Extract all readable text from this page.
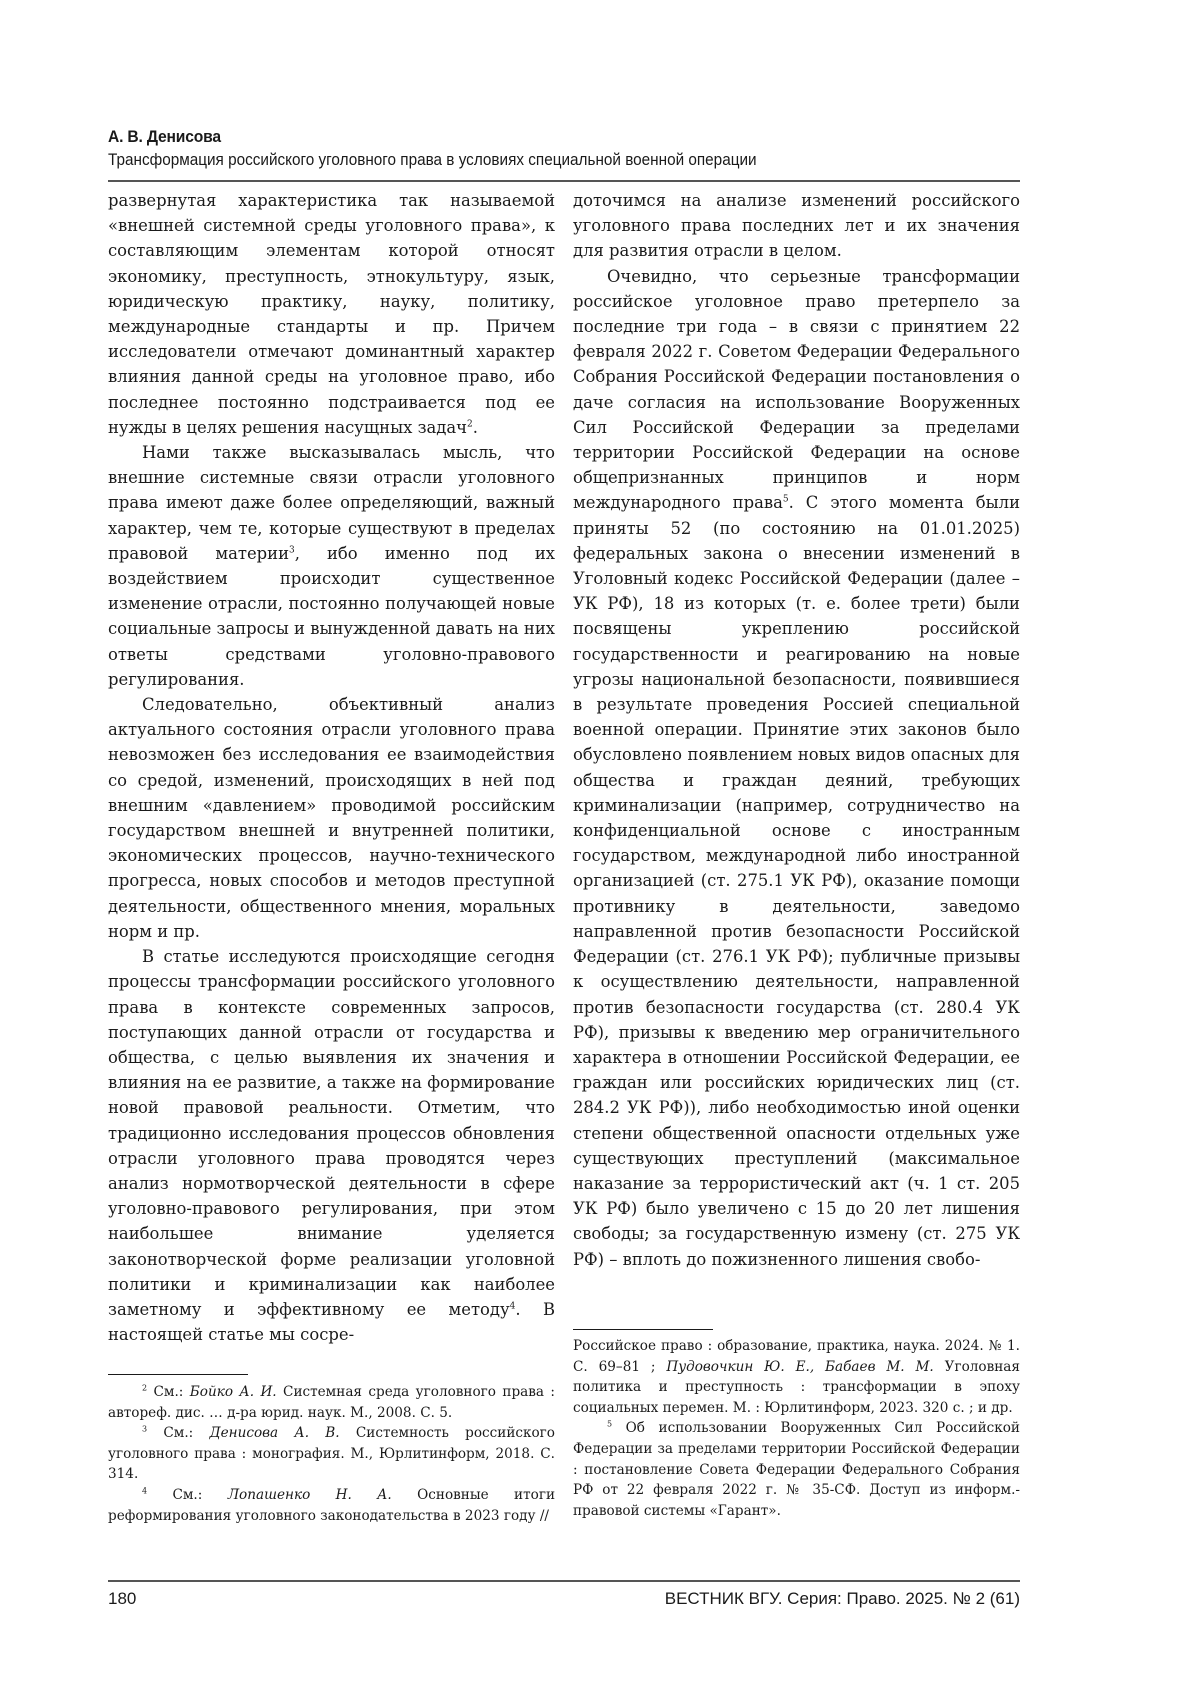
А. В. Денисова
Трансформация российского уголовного права в условиях специальной военной операции

развернутая характеристика так называемой «внешней системной среды уголовного права», к составляющим элементам которой относят экономику, преступность, этнокультуру, язык, юридическую практику, науку, политику, международные стандарты и пр. Причем исследователи отмечают доминантный характер влияния данной среды на уголовное право, ибо последнее постоянно подстраивается под ее нужды в целях решения насущных задач$^2$.

Нами также высказывалась мысль, что внешние системные связи отрасли уголовного права имеют даже более определяющий, важный характер, чем те, которые существуют в пределах правовой материи$^3$, ибо именно под их воздействием происходит существенное изменение отрасли, постоянно получающей новые социальные запросы и вынужденной давать на них ответы средствами уголовно-правового регулирования.

Следовательно, объективный анализ актуального состояния отрасли уголовного права невозможен без исследования ее взаимодействия со средой, изменений, происходящих в ней под внешним «давлением» проводимой российским государством внешней и внутренней политики, экономических процессов, научно-технического прогресса, новых способов и методов преступной деятельности, общественного мнения, моральных норм и пр.

В статье исследуются происходящие сегодня процессы трансформации российского уголовного права в контексте современных запросов, поступающих данной отрасли от государства и общества, с целью выявления их значения и влияния на ее развитие, а также на формирование новой правовой реальности. Отметим, что традиционно исследования процессов обновления отрасли уголовного права проводятся через анализ нормотворческой деятельности в сфере уголовно-правового регулирования, при этом наибольшее внимание уделяется законотворческой форме реализации уголовной политики и криминализации как наиболее заметному и эффективному ее методу$^4$. В настоящей статье мы сосре-

доточимся на анализе изменений российского уголовного права последних лет и их значения для развития отрасли в целом.

Очевидно, что серьезные трансформации российское уголовное право претерпело за последние три года – в связи с принятием 22 февраля 2022 г. Советом Федерации Федерального Собрания Российской Федерации постановления о даче согласия на использование Вооруженных Сил Российской Федерации за пределами территории Российской Федерации на основе общепризнанных принципов и норм международного права$^5$. С этого момента были приняты 52 (по состоянию на 01.01.2025) федеральных закона о внесении изменений в Уголовный кодекс Российской Федерации (далее – УК РФ), 18 из которых (т. е. более трети) были посвящены укреплению российской государственности и реагированию на новые угрозы национальной безопасности, появившиеся в результате проведения Россией специальной военной операции. Принятие этих законов было обусловлено появлением новых видов опасных для общества и граждан деяний, требующих криминализации (например, сотрудничество на конфиденциальной основе с иностранным государством, международной либо иностранной организацией (ст. 275.1 УК РФ), оказание помощи противнику в деятельности, заведомо направленной против безопасности Российской Федерации (ст. 276.1 УК РФ); публичные призывы к осуществлению деятельности, направленной против безопасности государства (ст. 280.4 УК РФ), призывы к введению мер ограничительного характера в отношении Российской Федерации, ее граждан или российских юридических лиц (ст. 284.2 УК РФ)), либо необходимостью иной оценки степени общественной опасности отдельных уже существующих преступлений (максимальное наказание за террористический акт (ч. 1 ст. 205 УК РФ) было увеличено с 15 до 20 лет лишения свободы; за государственную измену (ст. 275 УК РФ) – вплоть до пожизненного лишения свобо-

$^2$ См.: Бойко А. И. Системная среда уголовного права : автореф. дис. … д-ра юрид. наук. М., 2008. С. 5.

$^3$ См.: Денисова А. В. Системность российского уголовного права : монография. М., Юрлитинформ, 2018. С. 314.

$^4$ См.: Лопашенко Н. А. Основные итоги реформирования уголовного законодательства в 2023 году //

Российское право : образование, практика, наука. 2024. № 1. С. 69–81 ; Пудовочкин Ю. Е., Бабаев М. М. Уголовная политика и преступность : трансформации в эпоху социальных перемен. М. : Юрлитинформ, 2023. 320 с. ; и др.

$^5$ Об использовании Вооруженных Сил Российской Федерации за пределами территории Российской Федерации : постановление Совета Федерации Федерального Собрания РФ от 22 февраля 2022 г. № 35-СФ. Доступ из информ.-правовой системы «Гарант».

180	ВЕСТНИК ВГУ. Серия: Право. 2025. № 2 (61)
